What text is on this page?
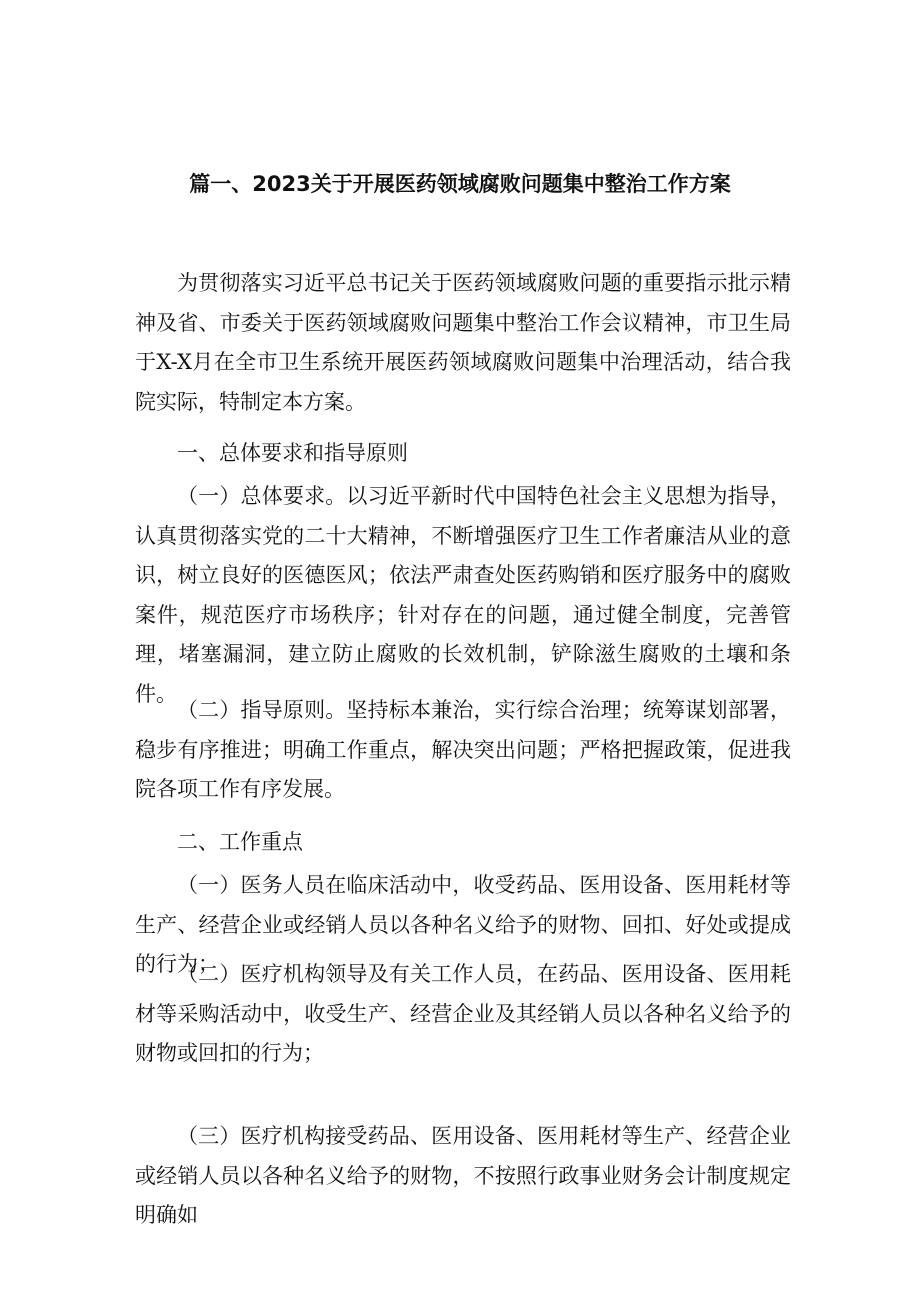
篇一、2023关于开展医药领域腐败问题集中整治工作方案

为贯彻落实习近平总书记关于医药领域腐败问题的重要指示批示精神及省、市委关于医药领域腐败问题集中整治工作会议精神，市卫生局于X-X月在全市卫生系统开展医药领域腐败问题集中治理活动，结合我院实际，特制定本方案。

一、总体要求和指导原则

（一）总体要求。以习近平新时代中国特色社会主义思想为指导，认真贯彻落实党的二十大精神，不断增强医疗卫生工作者廉洁从业的意识，树立良好的医德医风；依法严肃查处医药购销和医疗服务中的腐败案件，规范医疗市场秩序；针对存在的问题，通过健全制度，完善管理，堵塞漏洞，建立防止腐败的长效机制，铲除滋生腐败的土壤和条件。

（二）指导原则。坚持标本兼治，实行综合治理；统筹谋划部署，稳步有序推进；明确工作重点，解决突出问题；严格把握政策，促进我院各项工作有序发展。

二、工作重点

（一）医务人员在临床活动中，收受药品、医用设备、医用耗材等生产、经营企业或经销人员以各种名义给予的财物、回扣、好处或提成的行为；

（二）医疗机构领导及有关工作人员，在药品、医用设备、医用耗材等采购活动中，收受生产、经营企业及其经销人员以各种名义给予的财物或回扣的行为；

（三）医疗机构接受药品、医用设备、医用耗材等生产、经营企业或经销人员以各种名义给予的财物，不按照行政事业财务会计制度规定明确如
